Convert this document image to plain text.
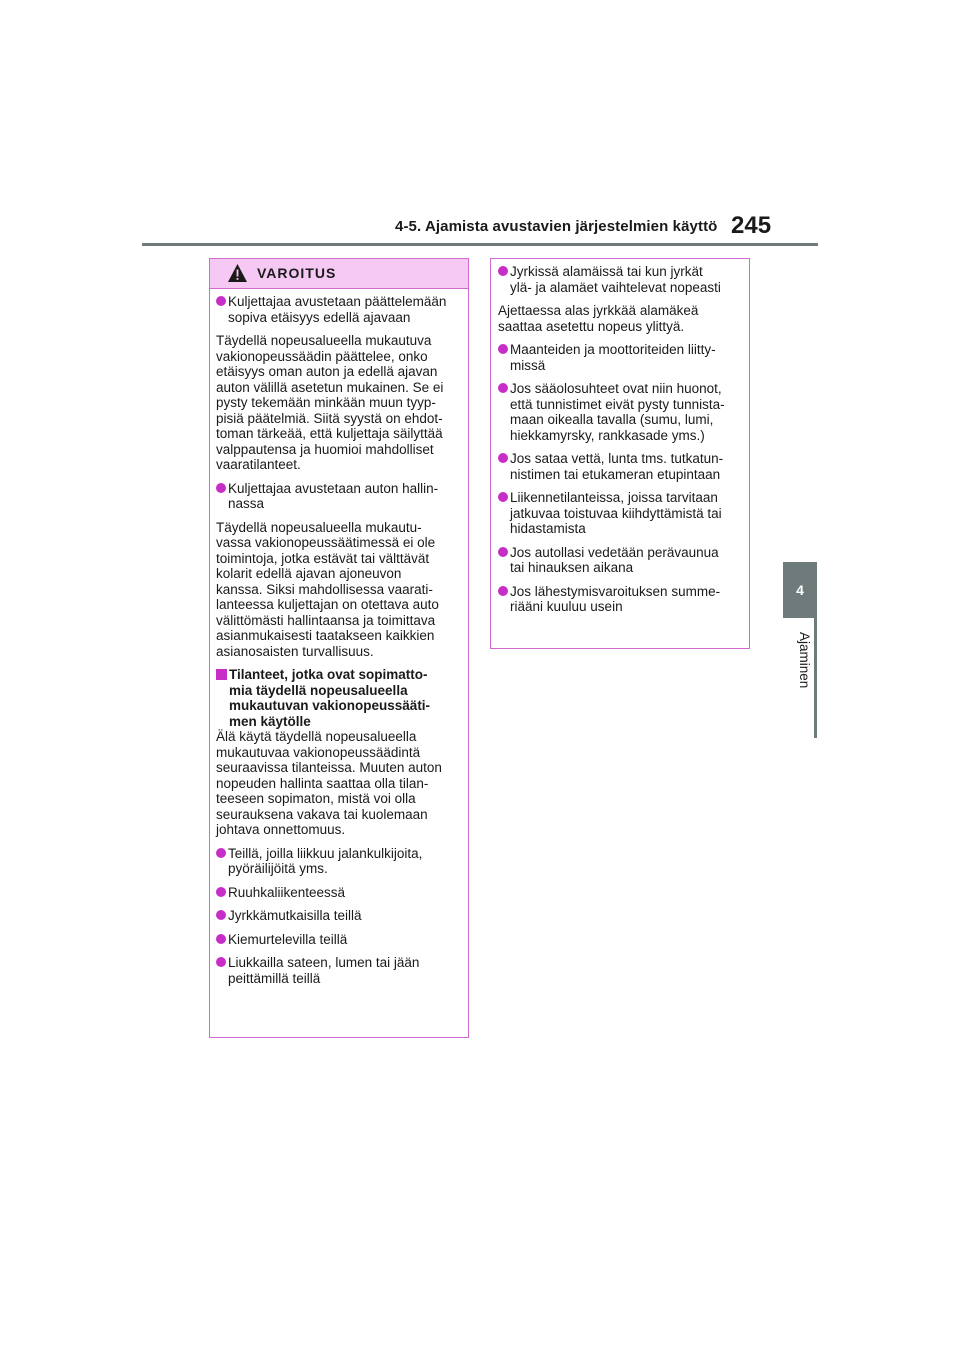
4-5. Ajamista avustavien järjestelmien käyttö 245
4
Ajaminen
VAROITUS
Kuljettajaa avustetaan päättelemään
sopiva etäisyys edellä ajavaan
Täydellä nopeusalueella mukautuva
vakionopeussäädin päättelee, onko
etäisyys oman auton ja edellä ajavan
auton välillä asetetun mukainen. Se ei
pysty tekemään minkään muun tyyp-
pisiä päätelmiä. Siitä syystä on ehdot-
toman tärkeää, että kuljettaja säilyttää
valppautensa ja huomioi mahdolliset
vaaratilanteet.
Kuljettajaa avustetaan auton hallin-
nassa
Täydellä nopeusalueella mukautu-
vassa vakionopeussäätimessä ei ole
toimintoja, jotka estävät tai välttävät
kolarit edellä ajavan ajoneuvon
kanssa. Siksi mahdollisessa vaarati-
lanteessa kuljettajan on otettava auto
välittömästi hallintaansa ja toimittava
asianmukaisesti taatakseen kaikkien
asianosaisten turvallisuus.
Tilanteet, jotka ovat sopimatto-
mia täydellä nopeusalueella
mukautuvan vakionopeussääti-
men käytölle
Älä käytä täydellä nopeusalueella
mukautuvaa vakionopeussäädintä
seuraavissa tilanteissa. Muuten auton
nopeuden hallinta saattaa olla tilan-
teeseen sopimaton, mistä voi olla
seurauksena vakava tai kuolemaan
johtava onnettomuus.
Teillä, joilla liikkuu jalankulkijoita,
pyöräilijöitä yms.
Ruuhkaliikenteessä
Jyrkkämutkaisilla teillä
Kiemurtelevilla teillä
Liukkailla sateen, lumen tai jään
peittämillä teillä
Jyrkissä alamäissä tai kun jyrkät
ylä- ja alamäet vaihtelevat nopeasti
Ajettaessa alas jyrkkää alamäkeä
saattaa asetettu nopeus ylittyä.
Maanteiden ja moottoriteiden liitty-
missä
Jos sääolosuhteet ovat niin huonot,
että tunnistimet eivät pysty tunnista-
maan oikealla tavalla (sumu, lumi,
hiekkamyrsky, rankkasade yms.)
Jos sataa vettä, lunta tms. tutkatun-
nistimen tai etukameran etupintaan
Liikennetilanteissa, joissa tarvitaan
jatkuvaa toistuvaa kiihdyttämistä tai
hidastamista
Jos autollasi vedetään perävaunua
tai hinauksen aikana
Jos lähestymisvaroituksen summe-
riääni kuuluu usein
